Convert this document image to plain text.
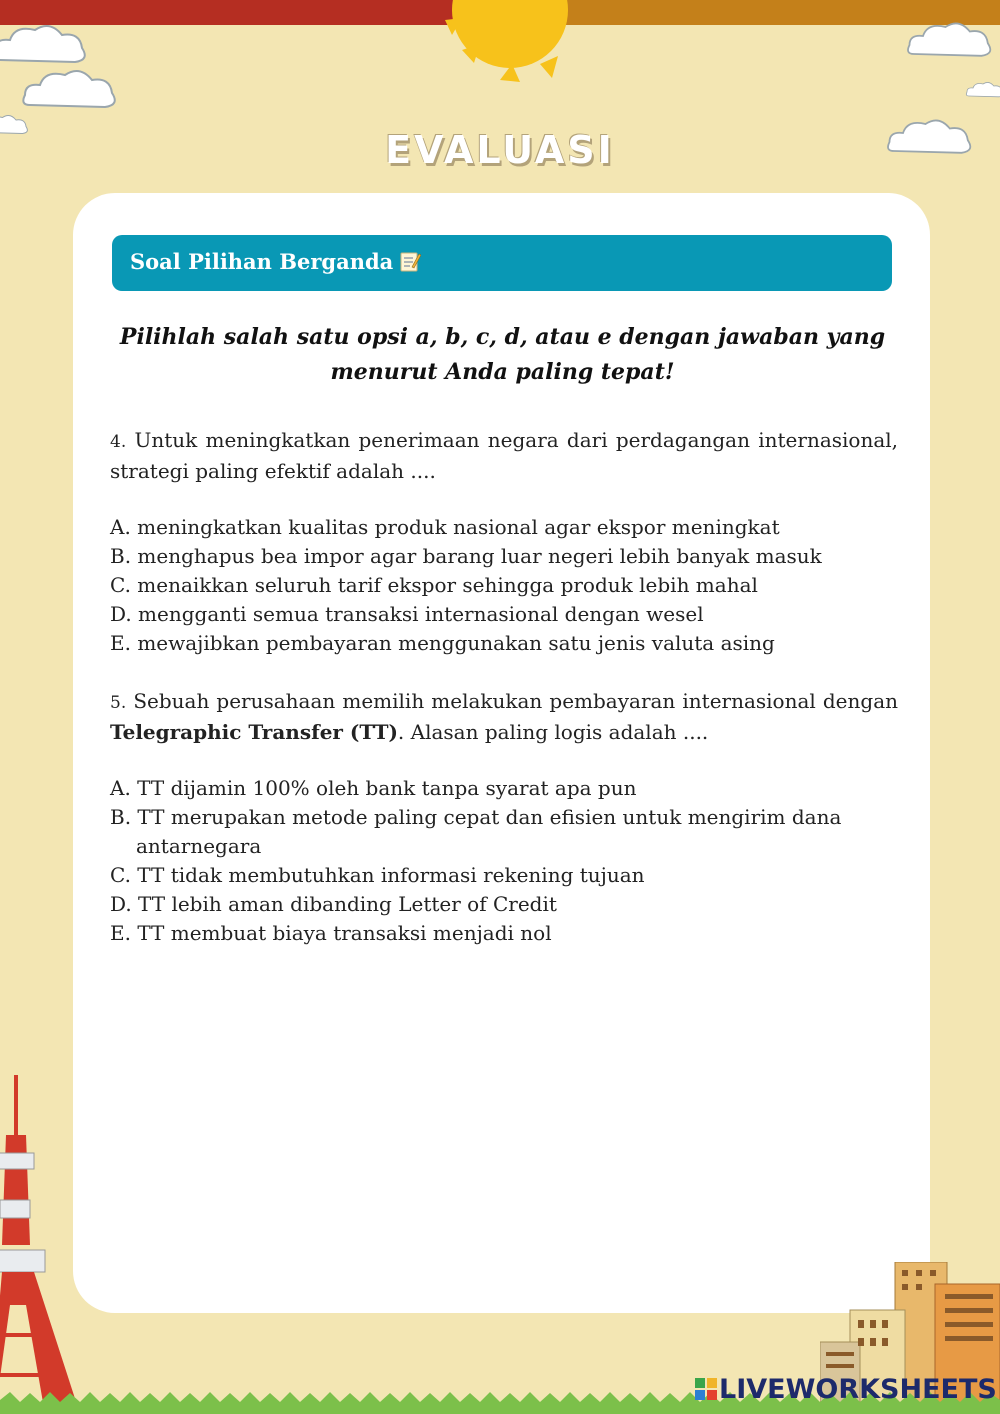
EVALUASI
Soal Pilihan Berganda
Pilihlah salah satu opsi a, b, c, d, atau e dengan jawaban yang menurut Anda paling tepat!
4. Untuk meningkatkan penerimaan negara dari perdagangan internasional, strategi paling efektif adalah ....
A. meningkatkan kualitas produk nasional agar ekspor meningkat
B. menghapus bea impor agar barang luar negeri lebih banyak masuk
C. menaikkan seluruh tarif ekspor sehingga produk lebih mahal
D. mengganti semua transaksi internasional dengan wesel
E. mewajibkan pembayaran menggunakan satu jenis valuta asing
5. Sebuah perusahaan memilih melakukan pembayaran internasional dengan Telegraphic Transfer (TT). Alasan paling logis adalah ....
A. TT dijamin 100% oleh bank tanpa syarat apa pun
B. TT merupakan metode paling cepat dan efisien untuk mengirim dana antarnegara
C. TT tidak membutuhkan informasi rekening tujuan
D. TT lebih aman dibanding Letter of Credit
E. TT membuat biaya transaksi menjadi nol
LIVEWORKSHEETS
